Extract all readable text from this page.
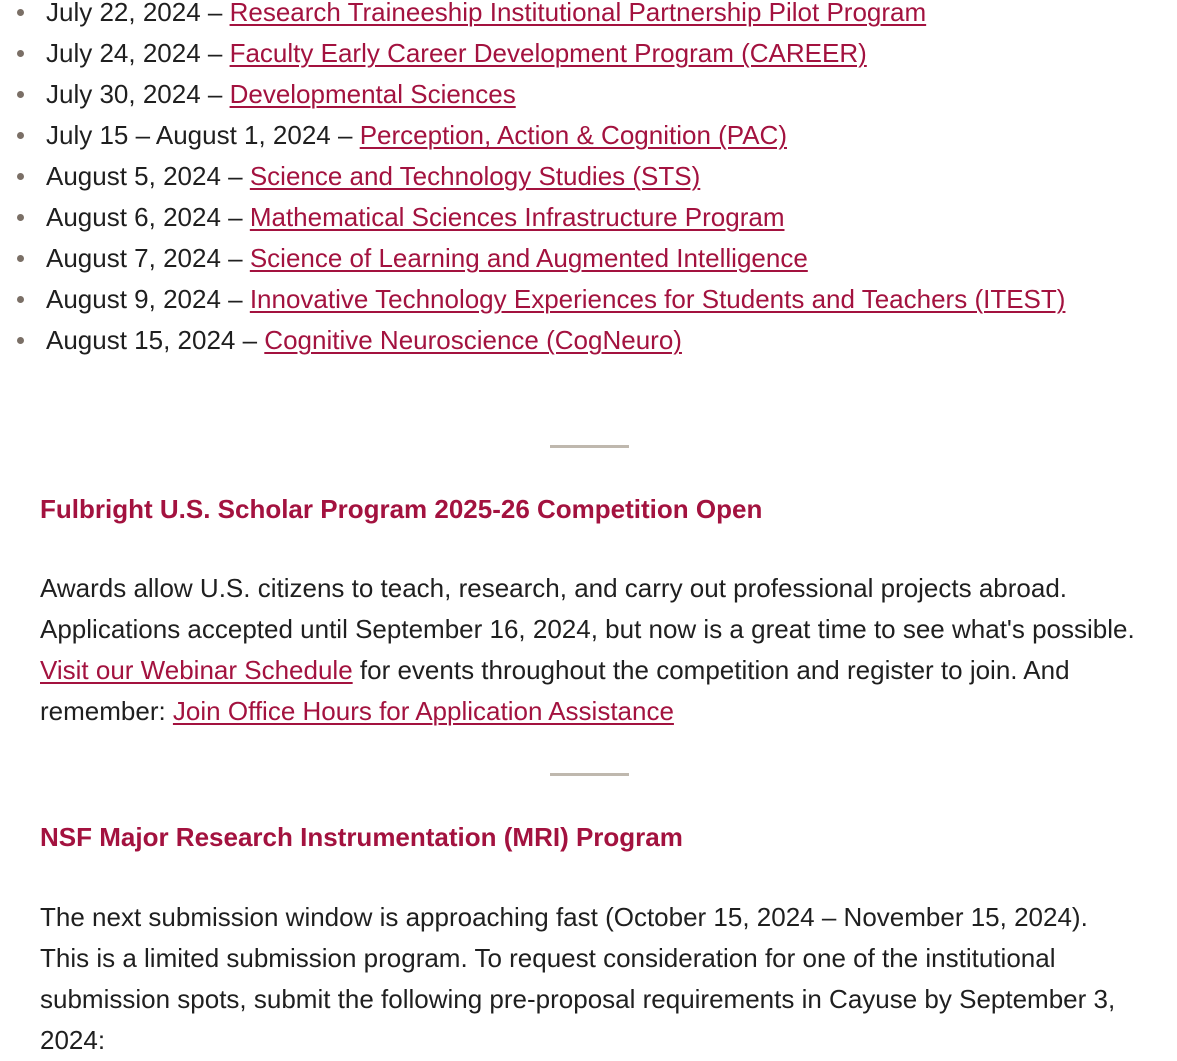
July 22, 2024 – Research Traineeship Institutional Partnership Pilot Program
July 24, 2024 – Faculty Early Career Development Program (CAREER)
July 30, 2024 – Developmental Sciences
July 15 – August 1, 2024 – Perception, Action & Cognition (PAC)
August 5, 2024 – Science and Technology Studies (STS)
August 6, 2024 – Mathematical Sciences Infrastructure Program
August 7, 2024 – Science of Learning and Augmented Intelligence
August 9, 2024 – Innovative Technology Experiences for Students and Teachers (ITEST)
August 15, 2024 – Cognitive Neuroscience (CogNeuro)
Fulbright U.S. Scholar Program 2025-26 Competition Open

Awards allow U.S. citizens to teach, research, and carry out professional projects abroad. Applications accepted until September 16, 2024, but now is a great time to see what's possible. Visit our Webinar Schedule for events throughout the competition and register to join. And remember: Join Office Hours for Application Assistance

NSF Major Research Instrumentation (MRI) Program

The next submission window is approaching fast (October 15, 2024 – November 15, 2024). This is a limited submission program. To request consideration for one of the institutional submission spots, submit the following pre-proposal requirements in Cayuse by September 3, 2024:
